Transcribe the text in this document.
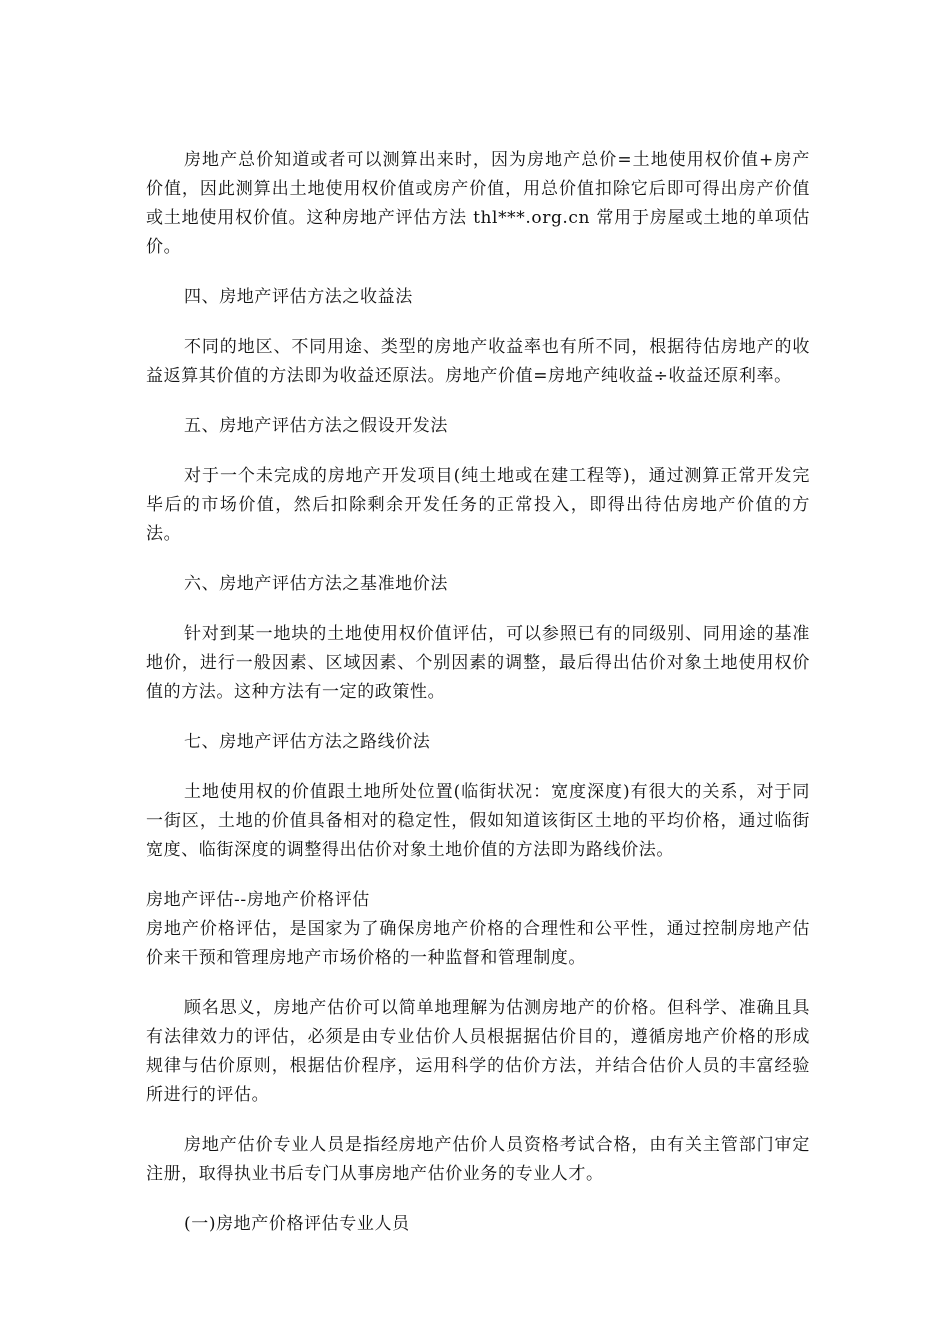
房地产总价知道或者可以测算出来时，因为房地产总价=土地使用权价值+房产价值，因此测算出土地使用权价值或房产价值，用总价值扣除它后即可得出房产价值或土地使用权价值。这种房地产评估方法 thl***.org.cn 常用于房屋或土地的单项估价。

四、房地产评估方法之收益法

不同的地区、不同用途、类型的房地产收益率也有所不同，根据待估房地产的收益返算其价值的方法即为收益还原法。房地产价值=房地产纯收益÷收益还原利率。

五、房地产评估方法之假设开发法

对于一个未完成的房地产开发项目(纯土地或在建工程等)，通过测算正常开发完毕后的市场价值，然后扣除剩余开发任务的正常投入，即得出待估房地产价值的方法。

六、房地产评估方法之基准地价法

针对到某一地块的土地使用权价值评估，可以参照已有的同级别、同用途的基准地价，进行一般因素、区域因素、个别因素的调整，最后得出估价对象土地使用权价值的方法。这种方法有一定的政策性。

七、房地产评估方法之路线价法

土地使用权的价值跟土地所处位置(临街状况：宽度深度)有很大的关系，对于同一街区，土地的价值具备相对的稳定性，假如知道该街区土地的平均价格，通过临街宽度、临街深度的调整得出估价对象土地价值的方法即为路线价法。

房地产评估--房地产价格评估

房地产价格评估，是国家为了确保房地产价格的合理性和公平性，通过控制房地产估价来干预和管理房地产市场价格的一种监督和管理制度。

顾名思义，房地产估价可以简单地理解为估测房地产的价格。但科学、准确且具有法律效力的评估，必须是由专业估价人员根据据估价目的，遵循房地产价格的形成规律与估价原则，根据估价程序，运用科学的估价方法，并结合估价人员的丰富经验所进行的评估。

房地产估价专业人员是指经房地产估价人员资格考试合格，由有关主管部门审定注册，取得执业书后专门从事房地产估价业务的专业人才。

(一)房地产价格评估专业人员
